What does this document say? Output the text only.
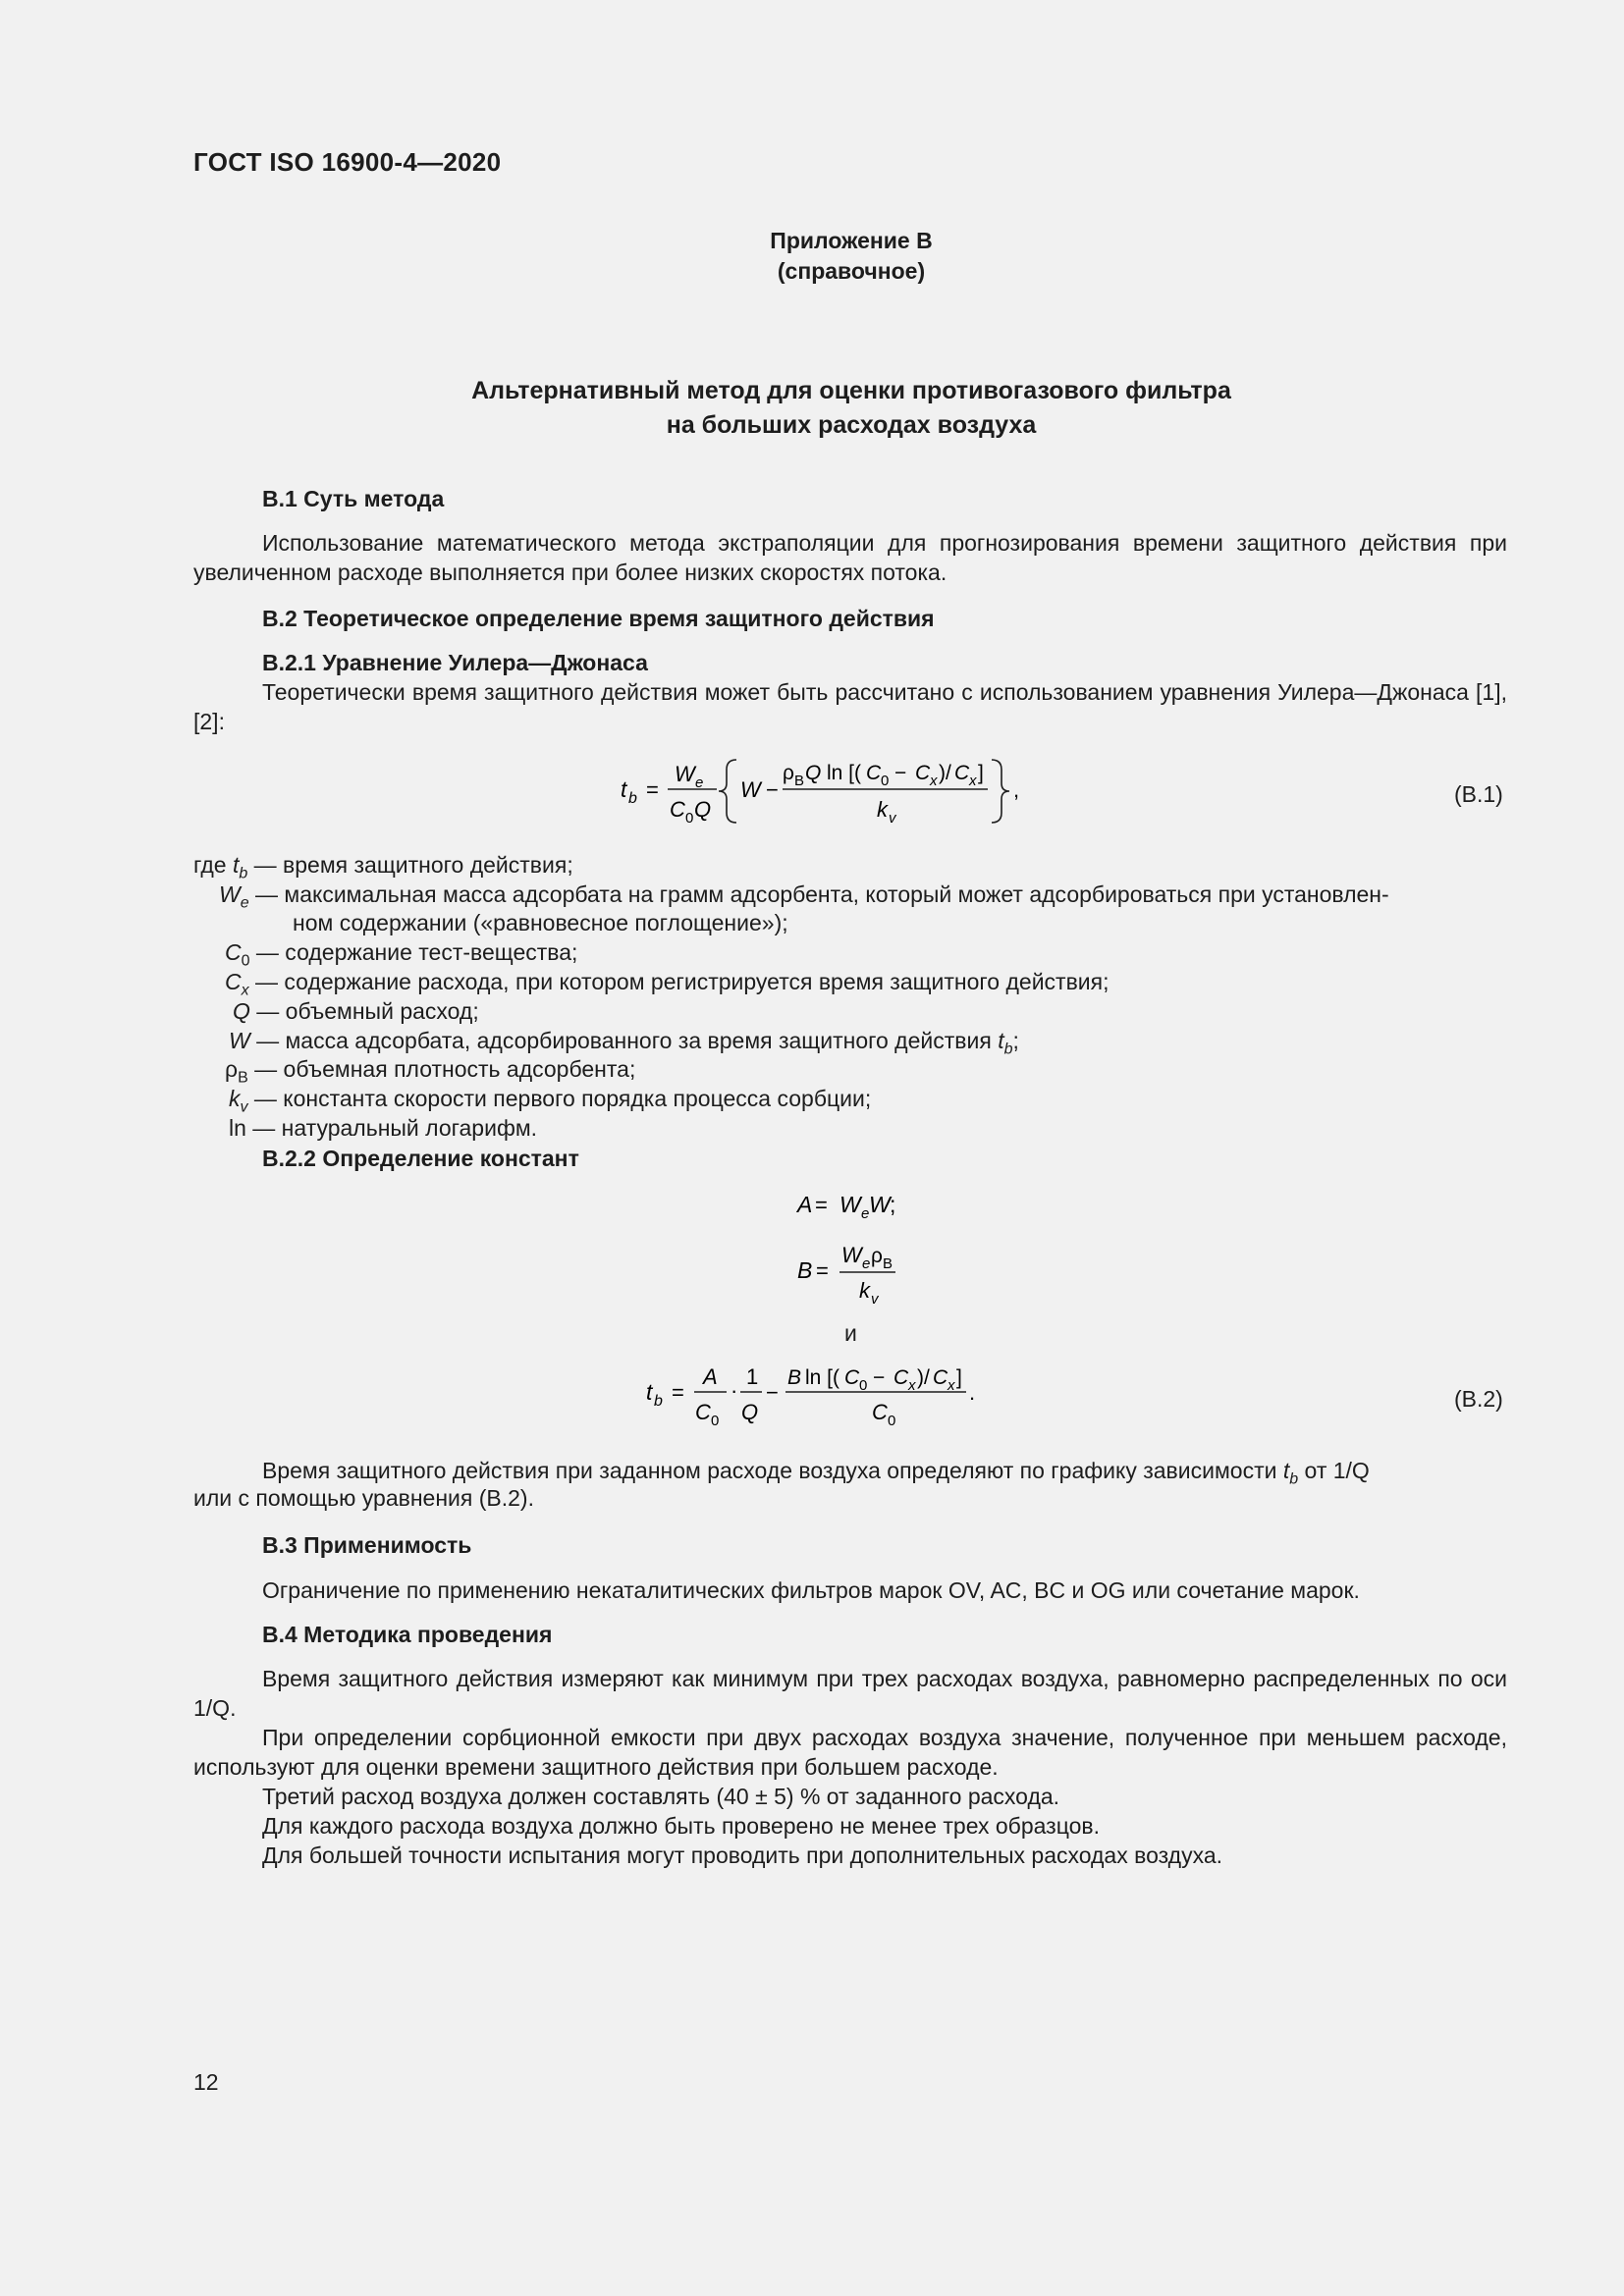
ГОСТ ISO 16900-4—2020
Приложение В
(справочное)
Альтернативный метод для оценки противогазового фильтра
на больших расходах воздуха
В.1 Суть метода
Использование математического метода экстраполяции для прогнозирования времени защитного действия при увеличенном расходе выполняется при более низких скоростях потока.
В.2 Теоретическое определение время защитного действия
В.2.1 Уравнение Уилера—Джонаса
Теоретически время защитного действия может быть рассчитано с использованием уравнения Уилера—Джонаса [1], [2]:
t b =
W e
C 0 Q
W −
ρ B Q ln [( C 0 − C x )/ C x ]
k v
,	(В.1)
где $t_b$ — время защитного действия;
$W_e$ — максимальная масса адсорбата на грамм адсорбента, который может адсорбироваться при установлен-
ном содержании («равновесное поглощение»);
$C_0$ — содержание тест-вещества;
$C_x$ — содержание расхода, при котором регистрируется время защитного действия;
Q — объемный расход;
W — масса адсорбата, адсорбированного за время защитного действия $t_b$;
$\rho_B$ — объемная плотность адсорбента;
$k_v$ — константа скорости первого порядка процесса сорбции;
ln — натуральный логарифм.
В.2.2 Определение констант
A = W e W ;
B =
W e ρ B
k v
и
t b =
A
C 0
·
1
Q
−
B ln [( C 0 − C x )/ C x ]
C 0
.	(В.2)
Время защитного действия при заданном расходе воздуха определяют по графику зависимости $t_b$ от 1/Q
или с помощью уравнения (В.2).
В.3 Применимость
Ограничение по применению некаталитических фильтров марок OV, AC, BC и OG или сочетание марок.
В.4 Методика проведения
Время защитного действия измеряют как минимум при трех расходах воздуха, равномерно распределенных по оси 1/Q.
При определении сорбционной емкости при двух расходах воздуха значение, полученное при меньшем расходе, используют для оценки времени защитного действия при большем расходе.
Третий расход воздуха должен составлять (40 ± 5) % от заданного расхода.
Для каждого расхода воздуха должно быть проверено не менее трех образцов.
Для большей точности испытания могут проводить при дополнительных расходах воздуха.
12
